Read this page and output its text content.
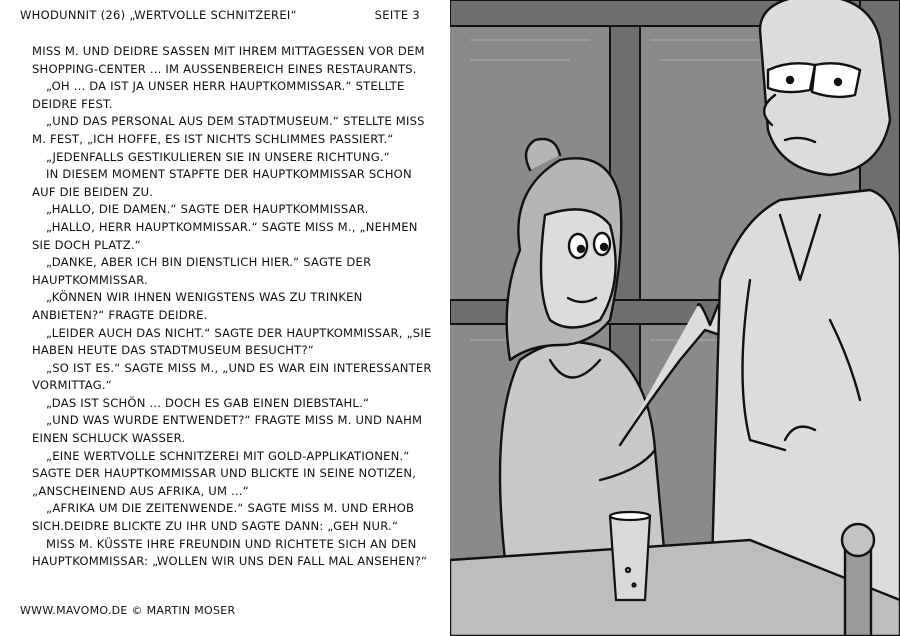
WHODUNNIT (26) „WERTVOLLE SCHNITZEREI“	SEITE 3

MISS M. UND DEIDRE SASSEN MIT IHREM MITTAGESSEN VOR DEM SHOPPING-CENTER ... IM AUSSENBEREICH EINES RESTAURANTS.

„OH ... DA IST JA UNSER HERR HAUPTKOMMISSAR.“ STELLTE DEIDRE FEST.

„UND DAS PERSONAL AUS DEM STADTMUSEUM.“ STELLTE MISS M. FEST, „ICH HOFFE, ES IST NICHTS SCHLIMMES PASSIERT.“

„JEDENFALLS GESTIKULIEREN SIE IN UNSERE RICHTUNG.“

IN DIESEM MOMENT STAPFTE DER HAUPTKOMMISSAR SCHON AUF DIE BEIDEN ZU.

„HALLO, DIE DAMEN.“ SAGTE DER HAUPTKOMMISSAR.

„HALLO, HERR HAUPTKOMMISSAR.“ SAGTE MISS M., „NEHMEN SIE DOCH PLATZ.“

„DANKE, ABER ICH BIN DIENSTLICH HIER.“ SAGTE DER HAUPTKOMMISSAR.

„KÖNNEN WIR IHNEN WENIGSTENS WAS ZU TRINKEN ANBIETEN?“ FRAGTE DEIDRE.

„LEIDER AUCH DAS NICHT.“ SAGTE DER HAUPTKOMMISSAR, „SIE HABEN HEUTE DAS STADTMUSEUM BESUCHT?“

„SO IST ES.“ SAGTE MISS M., „UND ES WAR EIN INTERESSANTER VORMITTAG.“

„DAS IST SCHÖN ... DOCH ES GAB EINEN DIEBSTAHL.“

„UND WAS WURDE ENTWENDET?“ FRAGTE MISS M. UND NAHM EINEN SCHLUCK WASSER.

„EINE WERTVOLLE SCHNITZEREI MIT GOLD-APPLIKATIONEN.“ SAGTE DER HAUPTKOMMISSAR UND BLICKTE IN SEINE NOTIZEN, „ANSCHEINEND AUS AFRIKA, UM ...“

„AFRIKA UM DIE ZEITENWENDE.“ SAGTE MISS M. UND ERHOB SICH.DEIDRE BLICKTE ZU IHR UND SAGTE DANN: „GEH NUR.“

MISS M. KÜSSTE IHRE FREUNDIN UND RICHTETE SICH AN DEN HAUPTKOMMISSAR: „WOLLEN WIR UNS DEN FALL MAL ANSEHEN?“

WWW.MAVOMO.DE © MARTIN MOSER
